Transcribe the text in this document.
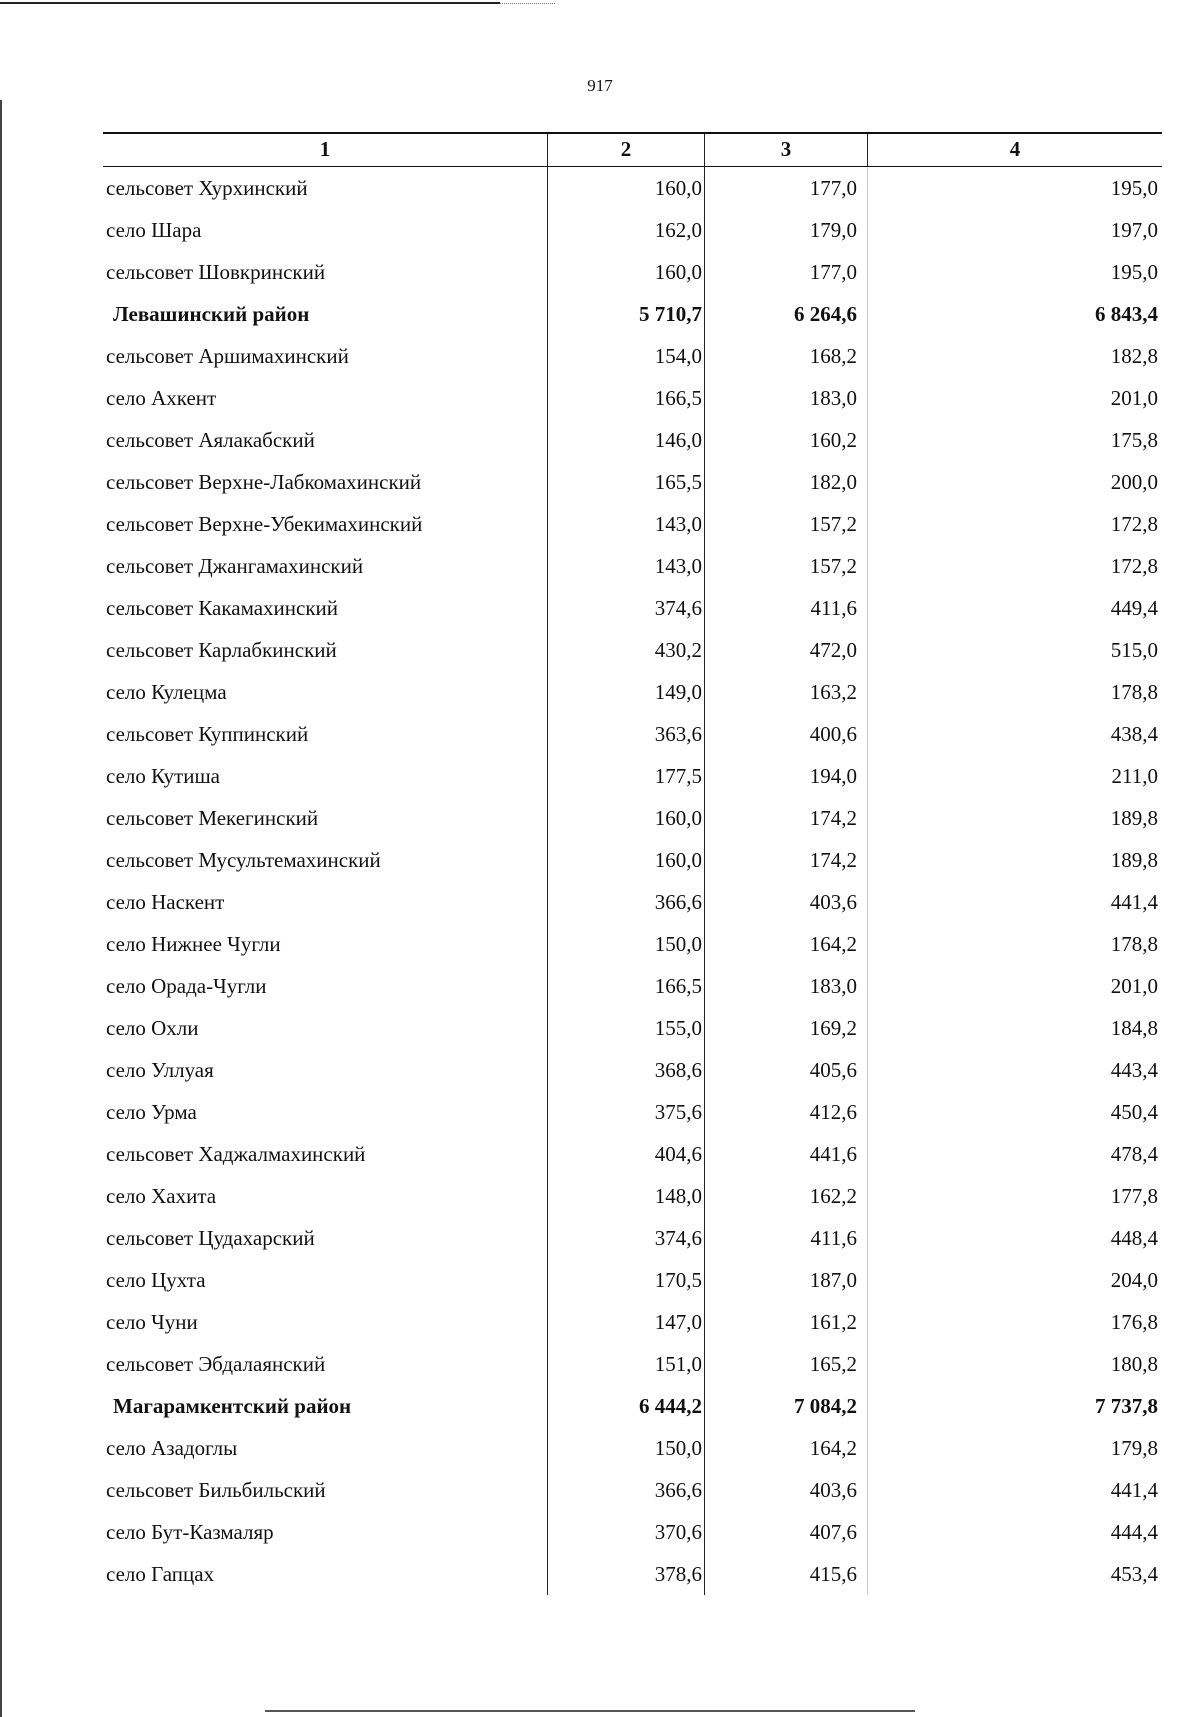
917
1	2	3	4
сельсовет Хурхинский	160,0	177,0	195,0
село Шара	162,0	179,0	197,0
сельсовет Шовкринский	160,0	177,0	195,0
Левашинский район	5 710,7	6 264,6	6 843,4
сельсовет Аршимахинский	154,0	168,2	182,8
село Ахкент	166,5	183,0	201,0
сельсовет Аялакабский	146,0	160,2	175,8
сельсовет Верхне-Лабкомахинский	165,5	182,0	200,0
сельсовет Верхне-Убекимахинский	143,0	157,2	172,8
сельсовет Джангамахинский	143,0	157,2	172,8
сельсовет Какамахинский	374,6	411,6	449,4
сельсовет Карлабкинский	430,2	472,0	515,0
село Кулецма	149,0	163,2	178,8
сельсовет Куппинский	363,6	400,6	438,4
село Кутиша	177,5	194,0	211,0
сельсовет Мекегинский	160,0	174,2	189,8
сельсовет Мусультемахинский	160,0	174,2	189,8
село Наскент	366,6	403,6	441,4
село Нижнее Чугли	150,0	164,2	178,8
село Орада-Чугли	166,5	183,0	201,0
село Охли	155,0	169,2	184,8
село Уллуая	368,6	405,6	443,4
село Урма	375,6	412,6	450,4
сельсовет Хаджалмахинский	404,6	441,6	478,4
село Хахита	148,0	162,2	177,8
сельсовет Цудахарский	374,6	411,6	448,4
село Цухта	170,5	187,0	204,0
село Чуни	147,0	161,2	176,8
сельсовет Эбдалаянский	151,0	165,2	180,8
Магарамкентский район	6 444,2	7 084,2	7 737,8
село Азадоглы	150,0	164,2	179,8
сельсовет Бильбильский	366,6	403,6	441,4
село Бут-Казмаляр	370,6	407,6	444,4
село Гапцах	378,6	415,6	453,4
